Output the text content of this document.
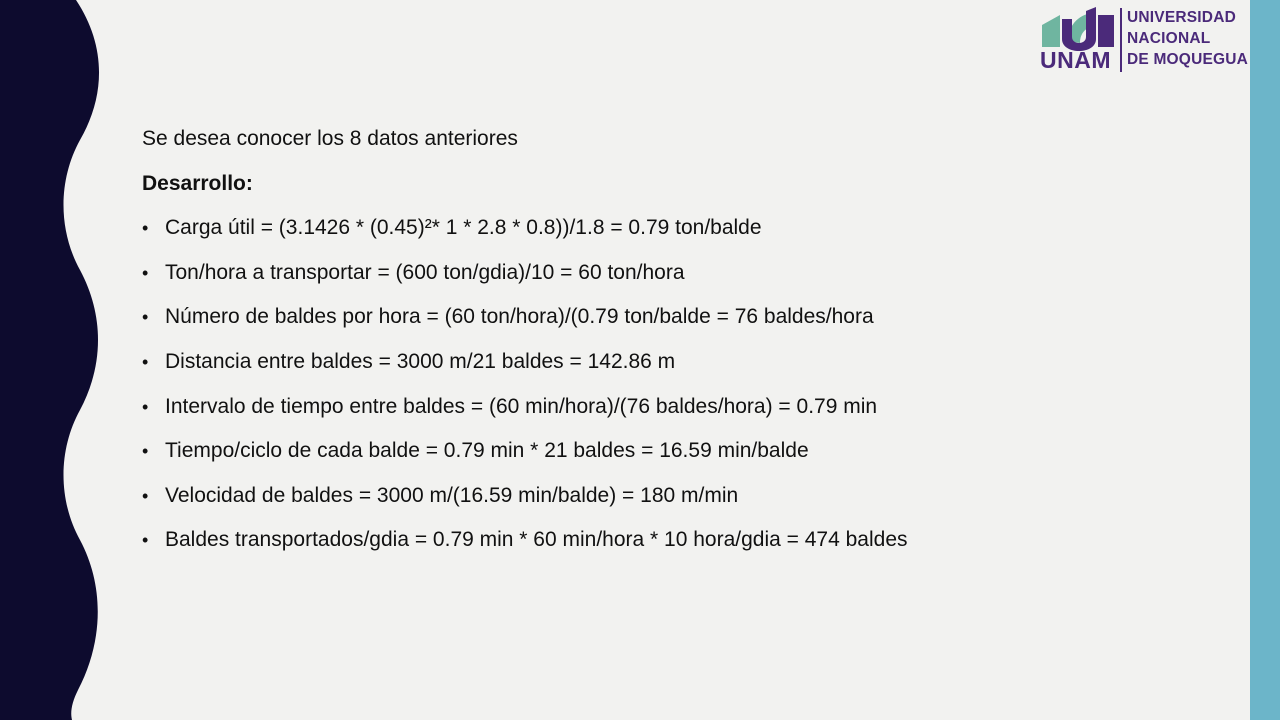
UNAM
UNIVERSIDAD
NACIONAL
DE MOQUEGUA
Se desea conocer los 8 datos anteriores
Desarrollo:
• Carga útil = (3.1426 * (0.45)²* 1 * 2.8 * 0.8))/1.8 = 0.79 ton/balde
• Ton/hora a transportar = (600 ton/gdia)/10 = 60 ton/hora
• Número de baldes por hora = (60 ton/hora)/(0.79 ton/balde = 76 baldes/hora
• Distancia entre baldes = 3000 m/21 baldes = 142.86 m
• Intervalo de tiempo entre baldes = (60 min/hora)/(76 baldes/hora) = 0.79 min
• Tiempo/ciclo de cada balde = 0.79 min * 21 baldes = 16.59 min/balde
• Velocidad de baldes = 3000 m/(16.59 min/balde) = 180 m/min
• Baldes transportados/gdia = 0.79 min * 60 min/hora * 10 hora/gdia = 474 baldes
